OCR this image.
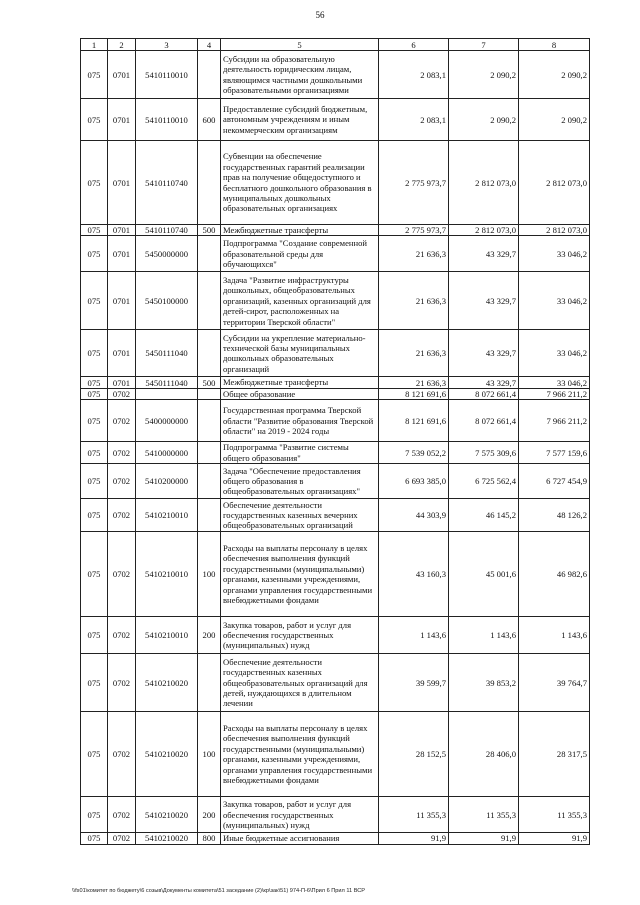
56
1	2	3	4	5	6	7	8
075	0701	5410110010		Субсидии на образовательную деятельность юридическим лицам, являющимся частными дошкольными образовательными организациями	2 083,1	2 090,2	2 090,2
075	0701	5410110010	600	Предоставление субсидий бюджетным, автономным учреждениям и иным некоммерческим организациям	2 083,1	2 090,2	2 090,2
075	0701	5410110740		Субвенции на обеспечение государственных гарантий реализации прав на получение общедоступного и бесплатного дошкольного образования в муниципальных дошкольных образовательных организациях	2 775 973,7	2 812 073,0	2 812 073,0
075	0701	5410110740	500	Межбюджетные трансферты	2 775 973,7	2 812 073,0	2 812 073,0
075	0701	5450000000		Подпрограмма "Создание современной образовательной среды для обучающихся"	21 636,3	43 329,7	33 046,2
075	0701	5450100000		Задача "Развитие инфраструктуры дошкольных, общеобразовательных организаций, казенных организаций для детей-сирот, расположенных на территории Тверской области"	21 636,3	43 329,7	33 046,2
075	0701	5450111040		Субсидии на укрепление материально-технической базы муниципальных дошкольных образовательных организаций	21 636,3	43 329,7	33 046,2
075	0701	5450111040	500	Межбюджетные трансферты	21 636,3	43 329,7	33 046,2
075	0702			Общее образование	8 121 691,6	8 072 661,4	7 966 211,2
075	0702	5400000000		Государственная программа Тверской области "Развитие образования Тверской области" на 2019 - 2024 годы	8 121 691,6	8 072 661,4	7 966 211,2
075	0702	5410000000		Подпрограмма "Развитие системы общего образования"	7 539 052,2	7 575 309,6	7 577 159,6
075	0702	5410200000		Задача "Обеспечение предоставления общего образования в общеобразовательных организациях"	6 693 385,0	6 725 562,4	6 727 454,9
075	0702	5410210010		Обеспечение деятельности государственных казенных вечерних общеобразовательных организаций	44 303,9	46 145,2	48 126,2
075	0702	5410210010	100	Расходы на выплаты персоналу в целях обеспечения выполнения функций государственными (муниципальными) органами, казенными учреждениями, органами управления государственными внебюджетными фондами	43 160,3	45 001,6	46 982,6
075	0702	5410210010	200	Закупка товаров, работ и услуг для обеспечения государственных (муниципальных) нужд	1 143,6	1 143,6	1 143,6
075	0702	5410210020		Обеспечение деятельности государственных казенных общеобразовательных организаций для детей, нуждающихся в длительном лечении	39 599,7	39 853,2	39 764,7
075	0702	5410210020	100	Расходы на выплаты персоналу в целях обеспечения выполнения функций государственными (муниципальными) органами, казенными учреждениями, органами управления государственными внебюджетными фондами	28 152,5	28 406,0	28 317,5
075	0702	5410210020	200	Закупка товаров, работ и услуг для обеспечения государственных (муниципальных) нужд	11 355,3	11 355,3	11 355,3
075	0702	5410210020	800	Иные бюджетные ассигнования	91,9	91,9	91,9
\\fs01\комитет по бюджету\6 созыв\Документы комитета\51 заседание (2)\кр\зак\51) 974-П-6\Прил 6 Прил 11 ВСР
